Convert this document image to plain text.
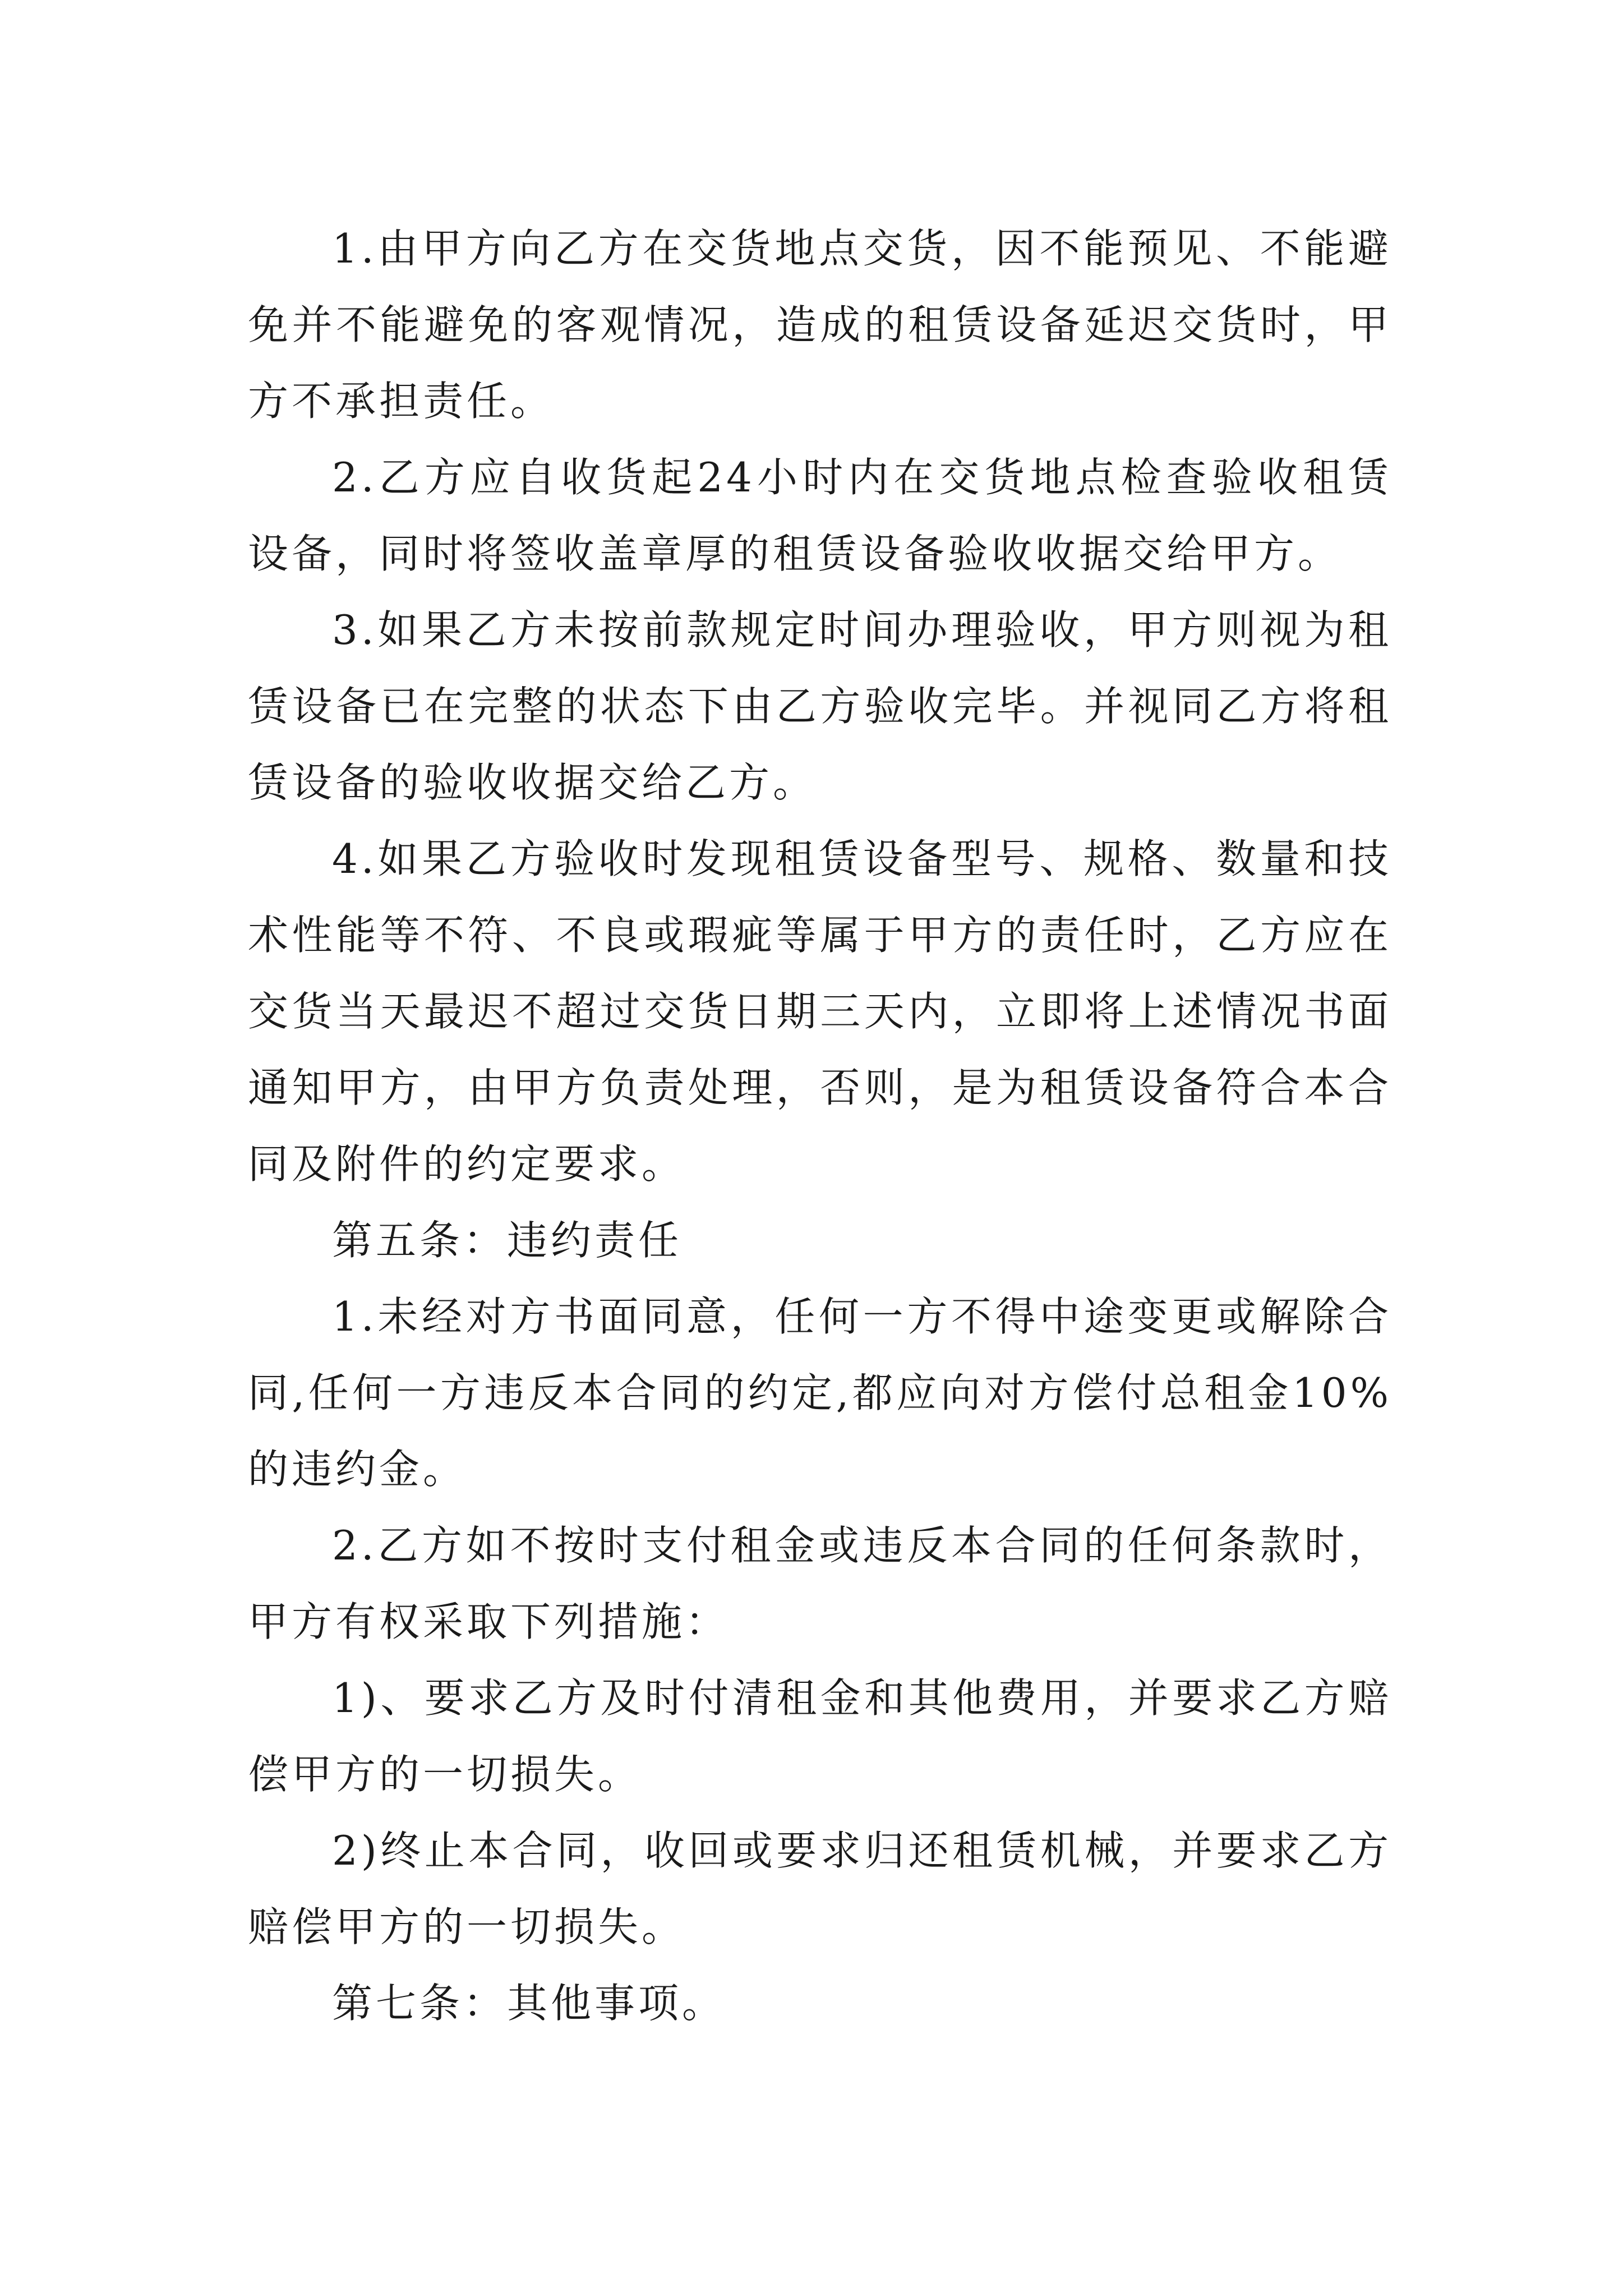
1.由甲方向乙方在交货地点交货，因不能预见、不能避免并不能避免的客观情况，造成的租赁设备延迟交货时，甲方不承担责任。

2.乙方应自收货起24小时内在交货地点检查验收租赁设备，同时将签收盖章厚的租赁设备验收收据交给甲方。

3.如果乙方未按前款规定时间办理验收，甲方则视为租赁设备已在完整的状态下由乙方验收完毕。并视同乙方将租赁设备的验收收据交给乙方。

4.如果乙方验收时发现租赁设备型号、规格、数量和技术性能等不符、不良或瑕疵等属于甲方的责任时，乙方应在交货当天最迟不超过交货日期三天内，立即将上述情况书面通知甲方，由甲方负责处理，否则，是为租赁设备符合本合同及附件的约定要求。

第五条：违约责任

1.未经对方书面同意，任何一方不得中途变更或解除合同,任何一方违反本合同的约定,都应向对方偿付总租金10%的违约金。

2.乙方如不按时支付租金或违反本合同的任何条款时，甲方有权采取下列措施：

1)、要求乙方及时付清租金和其他费用，并要求乙方赔偿甲方的一切损失。

2)终止本合同，收回或要求归还租赁机械，并要求乙方赔偿甲方的一切损失。

第七条：其他事项。
